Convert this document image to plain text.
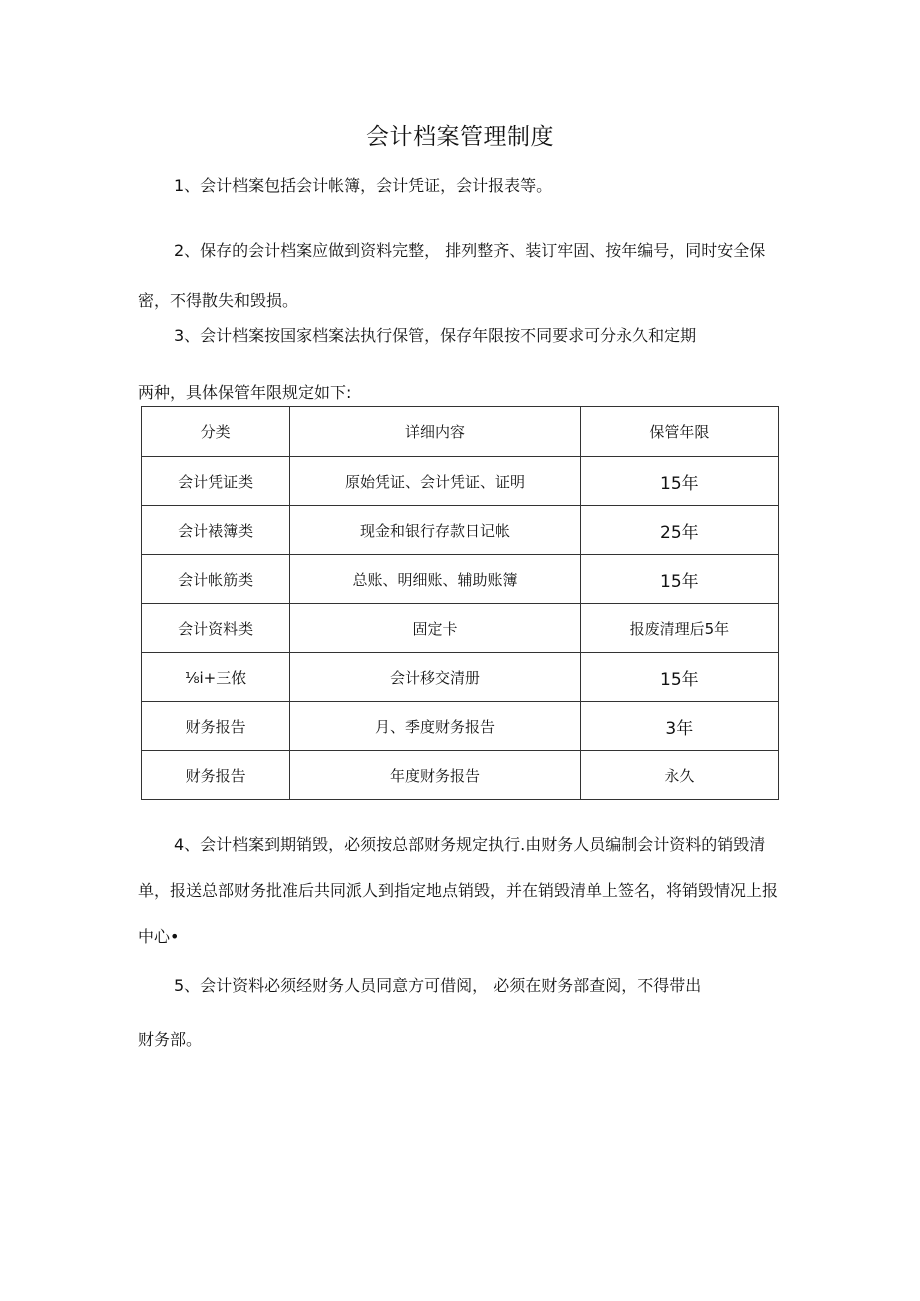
会计档案管理制度

1、会计档案包括会计帐簿，会计凭证，会计报表等。

2、保存的会计档案应做到资料完整， 排列整齐、装订牢固、按年编号，同时安全保密，不得散失和毁损。

3、会计档案按国家档案法执行保管，保存年限按不同要求可分永久和定期

两种，具体保管年限规定如下:

分类	详细内容	保管年限
会计凭证类	原始凭证、会计凭证、证明	15年
会计裱簿类	现金和银行存款日记帐	25年
会计帐筋类	总账、明细账、辅助账簿	15年
会计资料类	固定卡	报废清理后5年
⅛i+三侬	会计移交清册	15年
财务报告	月、季度财务报告	3年
财务报告	年度财务报告	永久

4、会计档案到期销毁，必须按总部财务规定执行.由财务人员编制会计资料的销毁清单，报送总部财务批准后共同派人到指定地点销毁，并在销毁清单上签名，将销毁情况上报中心•

5、会计资料必须经财务人员同意方可借阅， 必须在财务部查阅，不得带出

财务部。
